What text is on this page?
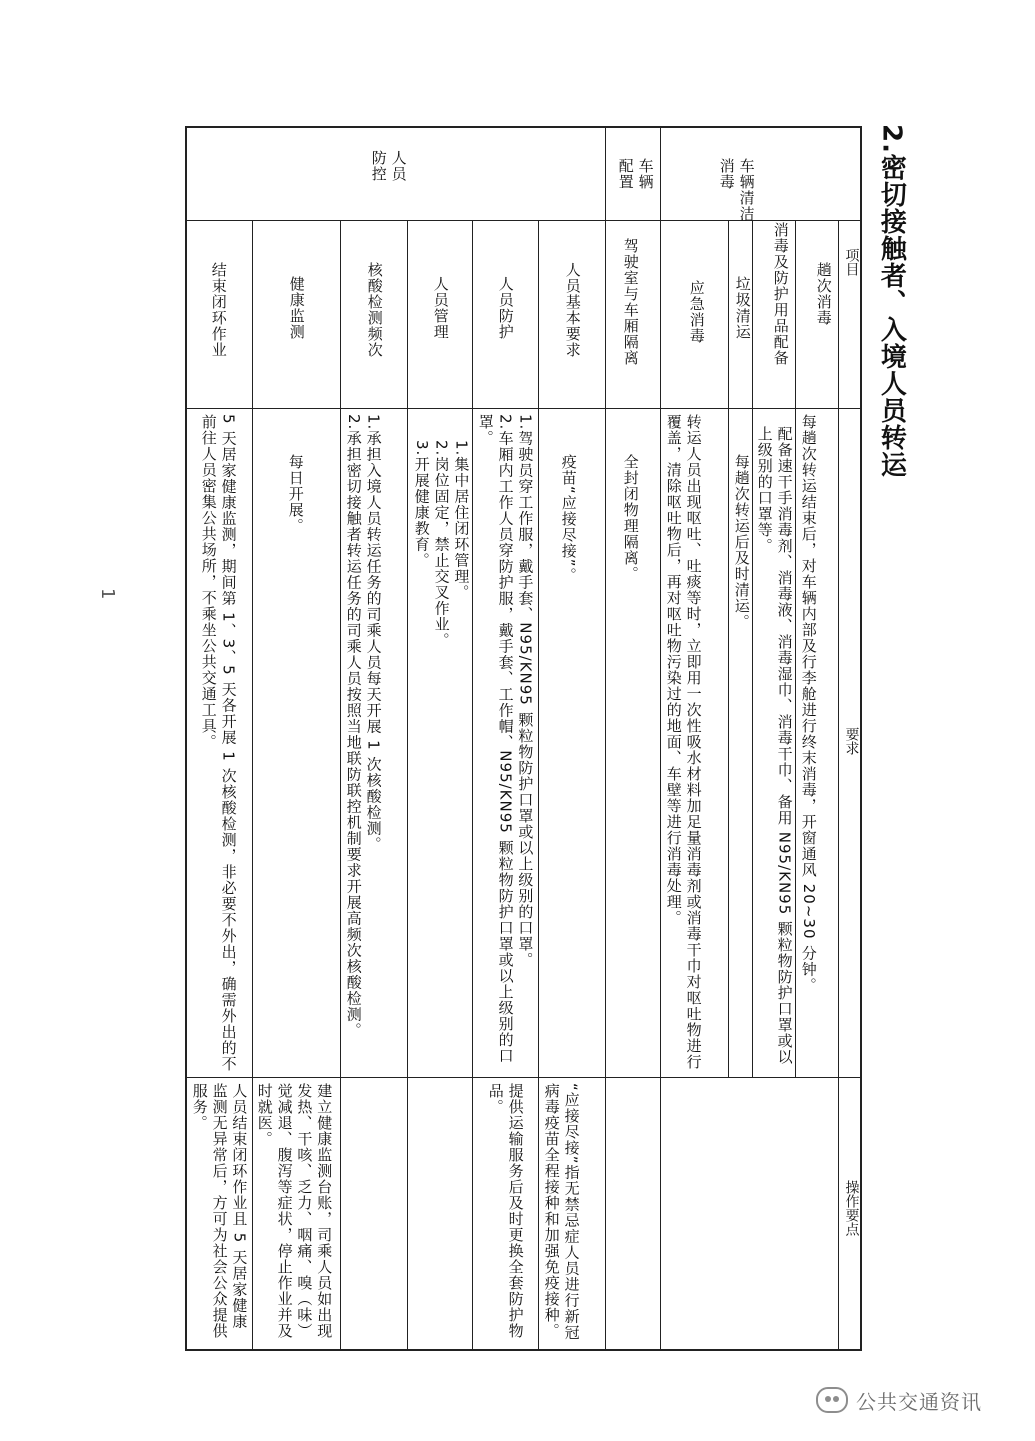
2.密切接触者、入境人员转运
项目
要求
操作要点
车辆清洁消毒
车辆配置
人员防控
趟次消毒
消毒及防护用品配备
垃圾清运
应急消毒
驾驶室与车厢隔离
人员基本要求
人员防护
人员管理
核酸检测频次
健康监测
结束闭环作业
每趟次转运结束后，对车辆内部及行李舱进行终末消毒，开窗通风 20~30 分钟。
配备速干手消毒剂、消毒液、消毒湿巾、消毒干巾、备用 N95/KN95 颗粒物防护口罩或以上级别的口罩等。
每趟次转运后及时清运。
转运人员出现呕吐、吐痰等时，立即用一次性吸水材料加足量消毒剂或消毒干巾对呕吐物进行覆盖，清除呕吐物后，再对呕吐物污染过的地面、车壁等进行消毒处理。
全封闭物理隔离。
疫苗“应接尽接”。
1.驾驶员穿工作服，戴手套、N95/KN95 颗粒物防护口罩或以上级别的口罩。
2.车厢内工作人员穿防护服，戴手套、工作帽、N95/KN95 颗粒物防护口罩或以上级别的口罩。
1.集中居住闭环管理。
2.岗位固定，禁止交叉作业。
3.开展健康教育。
1.承担入境人员转运任务的司乘人员每天开展 1 次核酸检测。
2.承担密切接触者转运任务的司乘人员按照当地联防联控机制要求开展高频次核酸检测。
每日开展。
5 天居家健康监测，期间第 1、3、5 天各开展 1 次核酸检测，非必要不外出，确需外出的不前往人员密集公共场所，不乘坐公共交通工具。
“应接尽接”指无禁忌症人员进行新冠病毒疫苗全程接种和加强免疫接种。
提供运输服务后及时更换全套防护物品。
建立健康监测台账，司乘人员如出现发热、干咳、乏力、咽痛、嗅（味）觉减退、腹泻等症状，停止作业并及时就医。
人员结束闭环作业且 5 天居家健康监测无异常后，方可为社会公众提供服务。
1
公共交通资讯
